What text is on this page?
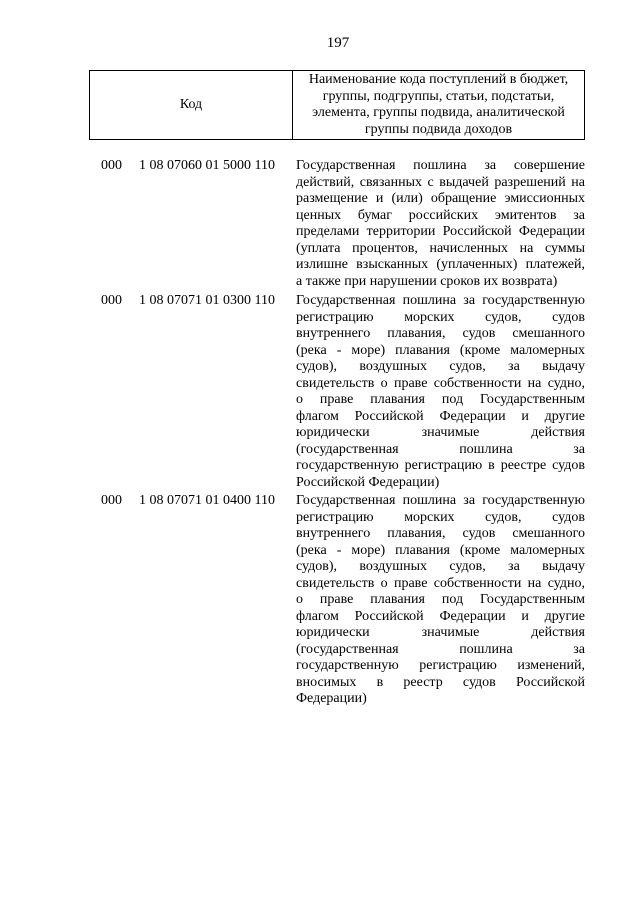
197
Код
Наименование кода поступлений в бюджет,
группы, подгруппы, статьи, подстатьи,
элемента, группы подвида, аналитической
группы подвида доходов
000 1 08 07060 01 5000 110 Государственная пошлина за совершение
действий, связанных с выдачей разрешений на
размещение и (или) обращение эмиссионных
ценных бумаг российских эмитентов за
пределами территории Российской Федерации
(уплата процентов, начисленных на суммы
излишне взысканных (уплаченных) платежей,
а также при нарушении сроков их возврата)
000 1 08 07071 01 0300 110 Государственная пошлина за государственную
регистрацию морских судов, судов
внутреннего плавания, судов смешанного
(река - море) плавания (кроме маломерных
судов), воздушных судов, за выдачу
свидетельств о праве собственности на судно,
о праве плавания под Государственным
флагом Российской Федерации и другие
юридически значимые действия
(государственная пошлина за
государственную регистрацию в реестре судов
Российской Федерации)
000 1 08 07071 01 0400 110 Государственная пошлина за государственную
регистрацию морских судов, судов
внутреннего плавания, судов смешанного
(река - море) плавания (кроме маломерных
судов), воздушных судов, за выдачу
свидетельств о праве собственности на судно,
о праве плавания под Государственным
флагом Российской Федерации и другие
юридически значимые действия
(государственная пошлина за
государственную регистрацию изменений,
вносимых в реестр судов Российской
Федерации)
